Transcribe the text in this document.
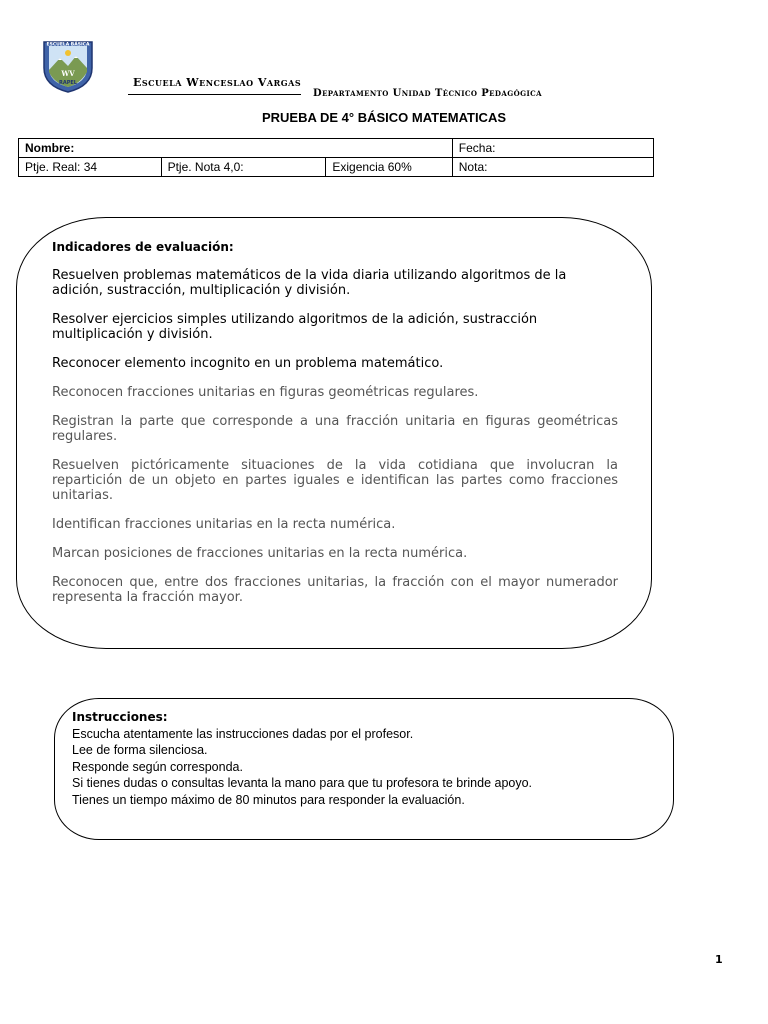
ESCUELA BÁSICA
RAPEL
WV
Escuela Wenceslao Vargas
Departamento Unidad Técnico Pedagógica
PRUEBA DE 4° BÁSICO MATEMATICAS
Nombre:			Fecha:
Ptje. Real: 34	Ptje. Nota 4,0:	Exigencia 60%	Nota:
Indicadores de evaluación:

Resuelven problemas matemáticos de la vida diaria utilizando algoritmos de la adición, sustracción, multiplicación y división.

Resolver ejercicios simples utilizando algoritmos de la adición, sustracción multiplicación y división.

Reconocer elemento incognito en un problema matemático.

Reconocen fracciones unitarias en figuras geométricas regulares.

Registran la parte que corresponde a una fracción unitaria en figuras geométricas regulares.

Resuelven pictóricamente situaciones de la vida cotidiana que involucran la repartición de un objeto en partes iguales e identifican las partes como fracciones unitarias.

Identifican fracciones unitarias en la recta numérica.

Marcan posiciones de fracciones unitarias en la recta numérica.

Reconocen que, entre dos fracciones unitarias, la fracción con el mayor numerador representa la fracción mayor.

Instrucciones:
Escucha atentamente las instrucciones dadas por el profesor.
Lee de forma silenciosa.
Responde según corresponda.
Si tienes dudas o consultas levanta la mano para que tu profesora te brinde apoyo.
Tienes un tiempo máximo de 80 minutos para responder la evaluación.
1
